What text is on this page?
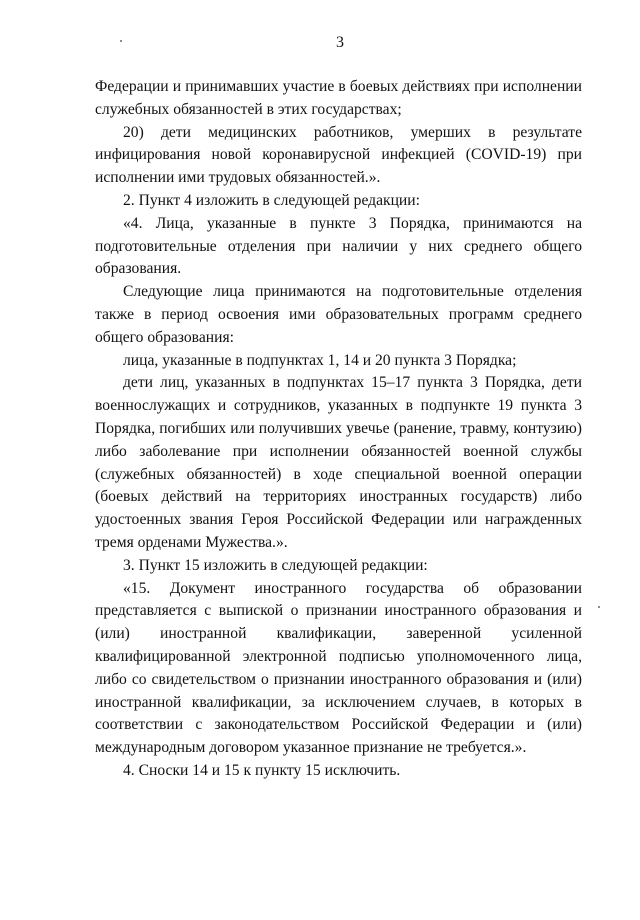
3

Федерации и принимавших участие в боевых действиях при исполнении служебных обязанностей в этих государствах;

20) дети медицинских работников, умерших в результате инфицирования новой коронавирусной инфекцией (COVID-19) при исполнении ими трудовых обязанностей.».

2. Пункт 4 изложить в следующей редакции:

«4. Лица, указанные в пункте 3 Порядка, принимаются на подготовительные отделения при наличии у них среднего общего образования.

Следующие лица принимаются на подготовительные отделения также в период освоения ими образовательных программ среднего общего образования:

лица, указанные в подпунктах 1, 14 и 20 пункта 3 Порядка;

дети лиц, указанных в подпунктах 15–17 пункта 3 Порядка, дети военнослужащих и сотрудников, указанных в подпункте 19 пункта 3 Порядка, погибших или получивших увечье (ранение, травму, контузию) либо заболевание при исполнении обязанностей военной службы (служебных обязанностей) в ходе специальной военной операции (боевых действий на территориях иностранных государств) либо удостоенных звания Героя Российской Федерации или награжденных тремя орденами Мужества.».

3. Пункт 15 изложить в следующей редакции:

«15. Документ иностранного государства об образовании представляется с выпиской о признании иностранного образования и (или) иностранной квалификации, заверенной усиленной квалифицированной электронной подписью уполномоченного лица, либо со свидетельством о признании иностранного образования и (или) иностранной квалификации, за исключением случаев, в которых в соответствии с законодательством Российской Федерации и (или) международным договором указанное признание не требуется.».

4. Сноски 14 и 15 к пункту 15 исключить.
